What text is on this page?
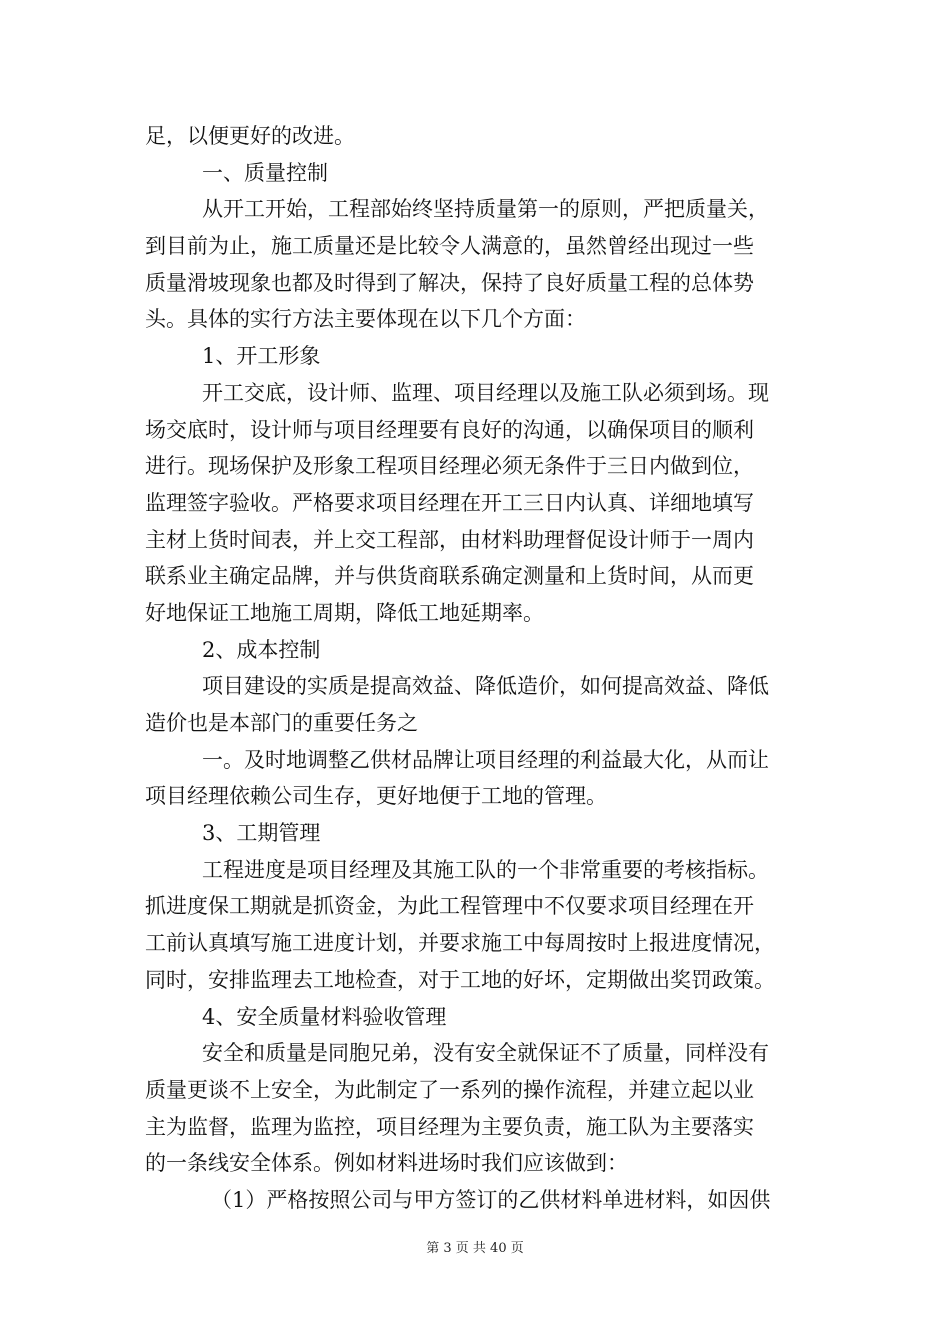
足，以便更好的改进。
一、质量控制
从开工开始，工程部始终坚持质量第一的原则，严把质量关，
到目前为止，施工质量还是比较令人满意的，虽然曾经出现过一些
质量滑坡现象也都及时得到了解决，保持了良好质量工程的总体势
头。具体的实行方法主要体现在以下几个方面：
1、开工形象
开工交底，设计师、监理、项目经理以及施工队必须到场。现
场交底时，设计师与项目经理要有良好的沟通，以确保项目的顺利
进行。现场保护及形象工程项目经理必须无条件于三日内做到位，
监理签字验收。严格要求项目经理在开工三日内认真、详细地填写
主材上货时间表，并上交工程部，由材料助理督促设计师于一周内
联系业主确定品牌，并与供货商联系确定测量和上货时间，从而更
好地保证工地施工周期，降低工地延期率。
2、成本控制
项目建设的实质是提高效益、降低造价，如何提高效益、降低
造价也是本部门的重要任务之
一。及时地调整乙供材品牌让项目经理的利益最大化，从而让
项目经理依赖公司生存，更好地便于工地的管理。
3、工期管理
工程进度是项目经理及其施工队的一个非常重要的考核指标。
抓进度保工期就是抓资金，为此工程管理中不仅要求项目经理在开
工前认真填写施工进度计划，并要求施工中每周按时上报进度情况，
同时，安排监理去工地检查，对于工地的好坏，定期做出奖罚政策。
4、安全质量材料验收管理
安全和质量是同胞兄弟，没有安全就保证不了质量，同样没有
质量更谈不上安全，为此制定了一系列的操作流程，并建立起以业
主为监督，监理为监控，项目经理为主要负责，施工队为主要落实
的一条线安全体系。例如材料进场时我们应该做到：
（1）严格按照公司与甲方签订的乙供材料单进材料，如因供
第 3 页 共 40 页
